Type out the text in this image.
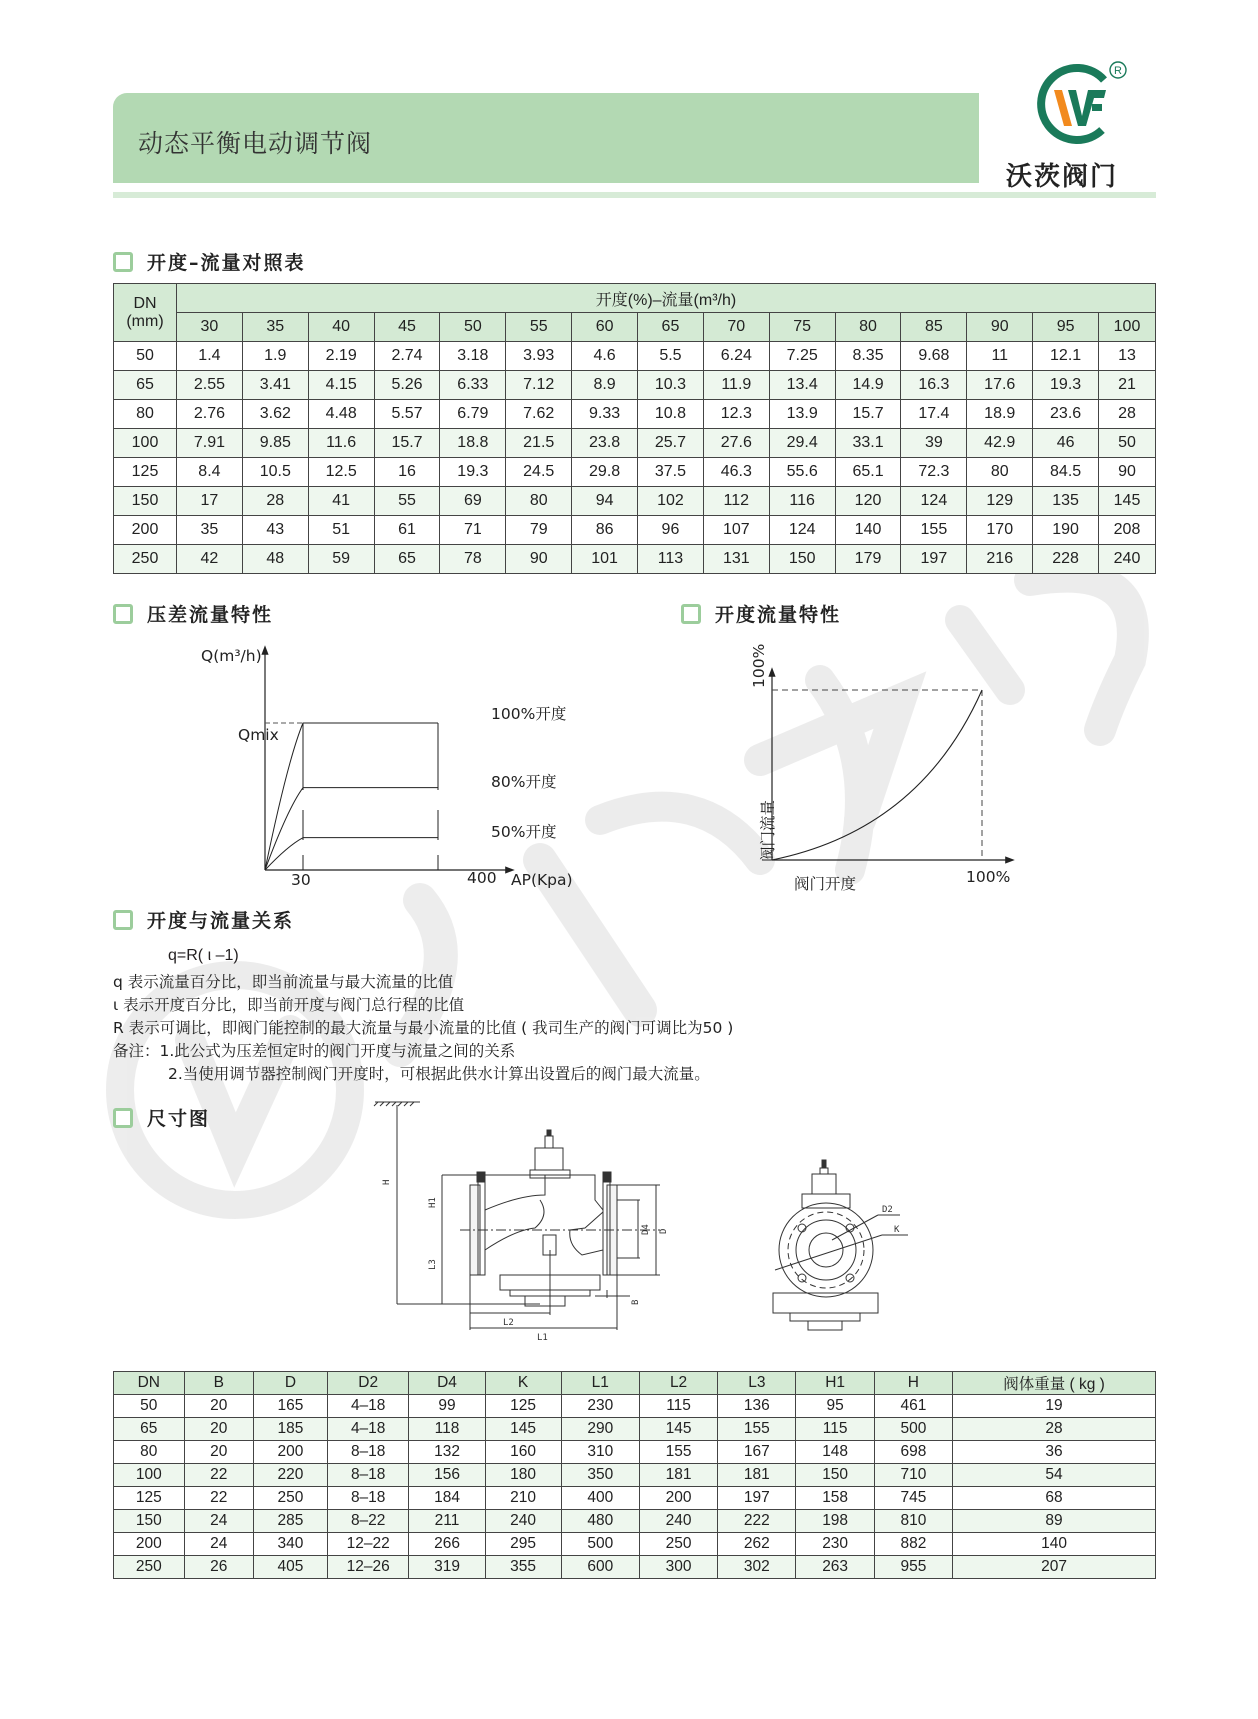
动态平衡电动调节阀
R
沃茨阀门
开度–流量对照表
DN
(mm)	开度(%)–流量(m³/h)														
	30	35	40	45	50	55	60	65	70	75	80	85	90	95	100
50	1.4	1.9	2.19	2.74	3.18	3.93	4.6	5.5	6.24	7.25	8.35	9.68	11	12.1	13
65	2.55	3.41	4.15	5.26	6.33	7.12	8.9	10.3	11.9	13.4	14.9	16.3	17.6	19.3	21
80	2.76	3.62	4.48	5.57	6.79	7.62	9.33	10.8	12.3	13.9	15.7	17.4	18.9	23.6	28
100	7.91	9.85	11.6	15.7	18.8	21.5	23.8	25.7	27.6	29.4	33.1	39	42.9	46	50
125	8.4	10.5	12.5	16	19.3	24.5	29.8	37.5	46.3	55.6	65.1	72.3	80	84.5	90
150	17	28	41	55	69	80	94	102	112	116	120	124	129	135	145
200	35	43	51	61	71	79	86	96	107	124	140	155	170	190	208
250	42	48	59	65	78	90	101	113	131	150	179	197	216	228	240
压差流量特性
Q(m³/h)
Qmix
30	400 AP(Kpa)
100%开度
80%开度
50%开度
开度流量特性
100%
阀门流量
阀门开度	100%
开度与流量关系
q=R( ι –1)
q 表示流量百分比，即当前流量与最大流量的比值
ι 表示开度百分比，即当前开度与阀门总行程的比值
R 表示可调比，即阀门能控制的最大流量与最小流量的比值 ( 我司生产的阀门可调比为50 )
备注：1.此公式为压差恒定时的阀门开度与流量之间的关系
2.当使用调节器控制阀门开度时，可根据此供水计算出设置后的阀门最大流量。
尺寸图
H
H1
L3
D4 D
B
L2
L1
D2
K
DN	B	D	D2	D4	K	L1	L2	L3	H1	H	阀体重量 ( kg )
50	20	165	4–18	99	125	230	115	136	95	461	19
65	20	185	4–18	118	145	290	145	155	115	500	28
80	20	200	8–18	132	160	310	155	167	148	698	36
100	22	220	8–18	156	180	350	181	181	150	710	54
125	22	250	8–18	184	210	400	200	197	158	745	68
150	24	285	8–22	211	240	480	240	222	198	810	89
200	24	340	12–22	266	295	500	250	262	230	882	140
250	26	405	12–26	319	355	600	300	302	263	955	207
